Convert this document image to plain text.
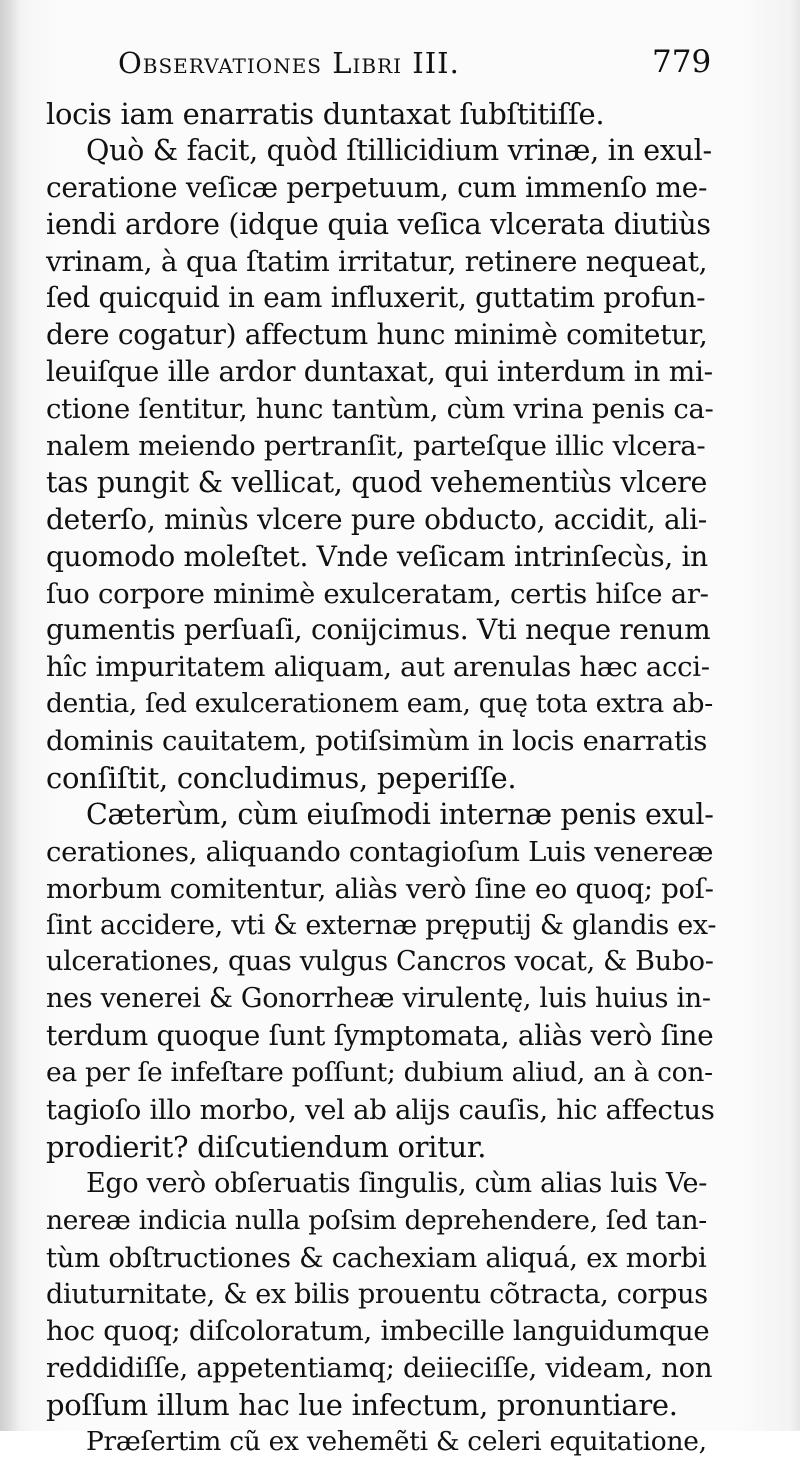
Observationes Libri III.	779
locis iam enarratis duntaxat ſubſtitiſſe.
Quò & facit, quòd ſtillicidium vrinæ, in exul-
ceratione veſicæ perpetuum, cum immenſo me-
iendi ardore (idque quia veſica vlcerata diutiùs
vrinam, à qua ſtatim irritatur, retinere nequeat,
ſed quicquid in eam influxerit, guttatim profun-
dere cogatur) affectum hunc minimè comitetur,
leuiſque ille ardor duntaxat, qui interdum in mi-
ctione ſentitur, hunc tantùm, cùm vrina penis ca-
nalem meiendo pertranſit, parteſque illic vlcera-
tas pungit & vellicat, quod vehementiùs vlcere
deterſo, minùs vlcere pure obducto, accidit, ali-
quomodo moleſtet. Vnde veſicam intrinſecùs, in
ſuo corpore minimè exulceratam, certis hiſce ar-
gumentis perſuaſi, conijcimus. Vti neque renum
hîc impuritatem aliquam, aut arenulas hæc acci-
dentia, ſed exulcerationem eam, quę tota extra ab-
dominis cauitatem, potiſsimùm in locis enarratis
conſiſtit, concludimus, peperiſſe.
Cæterùm, cùm eiuſmodi internæ penis exul-
cerationes, aliquando contagioſum Luis venereæ
morbum comitentur, aliàs verò ſine eo quoq; poſ-
ſint accidere, vti & externæ pręputij & glandis ex-
ulcerationes, quas vulgus Cancros vocat, & Bubo-
nes venerei & Gonorrheæ virulentę, luis huius in-
terdum quoque ſunt ſymptomata, aliàs verò ſine
ea per ſe infeſtare poſſunt; dubium aliud, an à con-
tagioſo illo morbo, vel ab alijs cauſis, hic affectus
prodierit? diſcutiendum oritur.
Ego verò obſeruatis ſingulis, cùm alias luis Ve-
nereæ indicia nulla poſsim deprehendere, ſed tan-
tùm obſtructiones & cachexiam aliquá, ex morbi
diuturnitate, & ex bilis prouentu cõtracta, corpus
hoc quoq; diſcoloratum, imbecille languidumque
reddidiſſe, appetentiamq; deiieciſſe, videam, non
poſſum illum hac lue infectum, pronuntiare.
Præſertim cũ ex vehemẽti & celeri equitatione,
